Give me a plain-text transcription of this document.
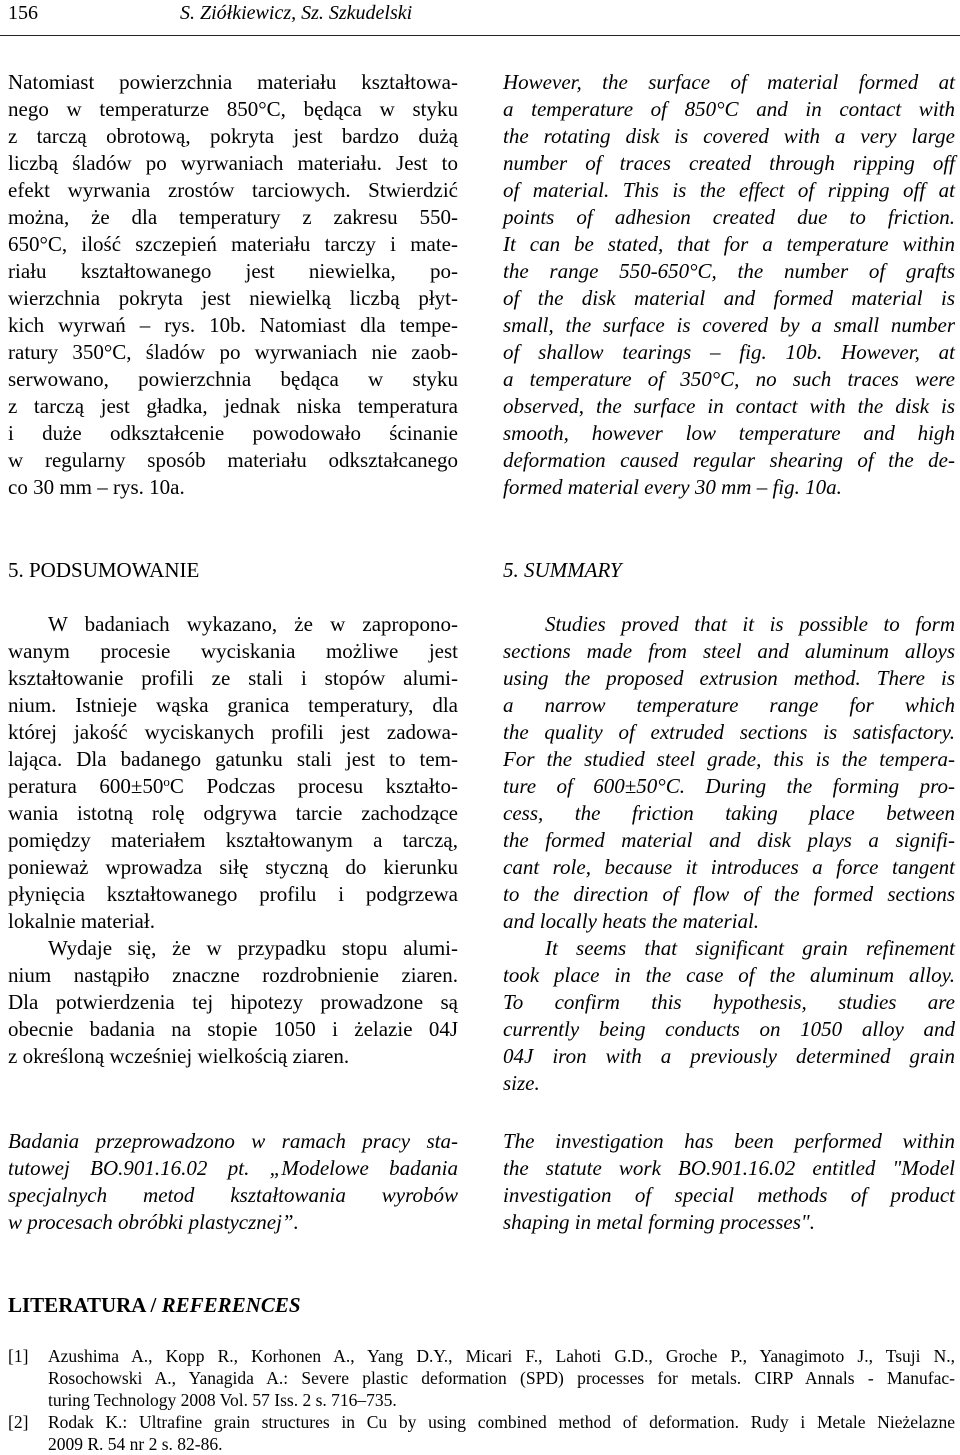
156	S. Ziółkiewicz, Sz. Szkudelski
Natomiast powierzchnia materiału kształtowa-
nego w temperaturze 850°C, będąca w styku
z tarczą obrotową, pokryta jest bardzo dużą
liczbą śladów po wyrwaniach materiału. Jest to
efekt wyrwania zrostów tarciowych. Stwierdzić
można, że dla temperatury z zakresu 550-
650°C, ilość szczepień materiału tarczy i mate-
riału kształtowanego jest niewielka, po-
wierzchnia pokryta jest niewielką liczbą płyt-
kich wyrwań – rys. 10b. Natomiast dla tempe-
ratury 350°C, śladów po wyrwaniach nie zaob-
serwowano, powierzchnia będąca w styku
z tarczą jest gładka, jednak niska temperatura
i duże odkształcenie powodowało ścinanie
w regularny sposób materiału odkształcanego
co 30 mm – rys. 10a.
5. PODSUMOWANIE
W badaniach wykazano, że w zapropono-
wanym procesie wyciskania możliwe jest
kształtowanie profili ze stali i stopów alumi-
nium. Istnieje wąska granica temperatury, dla
której jakość wyciskanych profili jest zadowa-
lająca. Dla badanego gatunku stali jest to tem-
peratura $600\pm 50^oC$ Podczas procesu kształto-
wania istotną rolę odgrywa tarcie zachodzące
pomiędzy materiałem kształtowanym a tarczą,
ponieważ wprowadza siłę styczną do kierunku
płynięcia kształtowanego profilu i podgrzewa
lokalnie materiał.
Wydaje się, że w przypadku stopu alumi-
nium nastąpiło znaczne rozdrobnienie ziaren.
Dla potwierdzenia tej hipotezy prowadzone są
obecnie badania na stopie 1050 i żelazie 04J
z określoną wcześniej wielkością ziaren.
Badania przeprowadzono w ramach pracy sta-
tutowej BO.901.16.02 pt. „Modelowe badania
specjalnych metod kształtowania wyrobów
w procesach obróbki plastycznej”.
However, the surface of material formed at
a temperature of 850°C and in contact with
the rotating disk is covered with a very large
number of traces created through ripping off
of material. This is the effect of ripping off at
points of adhesion created due to friction.
It can be stated, that for a temperature within
the range 550-650°C, the number of grafts
of the disk material and formed material is
small, the surface is covered by a small number
of shallow tearings – fig. 10b. However, at
a temperature of 350°C, no such traces were
observed, the surface in contact with the disk is
smooth, however low temperature and high
deformation caused regular shearing of the de-
formed material every 30 mm – fig. 10a.
5. SUMMARY
Studies proved that it is possible to form
sections made from steel and aluminum alloys
using the proposed extrusion method. There is
a narrow temperature range for which
the quality of extruded sections is satisfactory.
For the studied steel grade, this is the tempera-
ture of 600±50°C. During the forming pro-
cess, the friction taking place between
the formed material and disk plays a signifi-
cant role, because it introduces a force tangent
to the direction of flow of the formed sections
and locally heats the material.
It seems that significant grain refinement
took place in the case of the aluminum alloy.
To confirm this hypothesis, studies are
currently being conducts on 1050 alloy and
04J iron with a previously determined grain
size.
The investigation has been performed within
the statute work BO.901.16.02 entitled "Model
investigation of special methods of product
shaping in metal forming processes".
LITERATURA / REFERENCES
[1] Azushima A., Kopp R., Korhonen A., Yang D.Y., Micari F., Lahoti G.D., Groche P., Yanagimoto J., Tsuji N.,
Rosochowski A., Yanagida A.: Severe plastic deformation (SPD) processes for metals. CIRP Annals - Manufac-
turing Technology 2008 Vol. 57 Iss. 2 s. 716–735.
[2] Rodak K.: Ultrafine grain structures in Cu by using combined method of deformation. Rudy i Metale Nieżelazne
2009 R. 54 nr 2 s. 82-86.
